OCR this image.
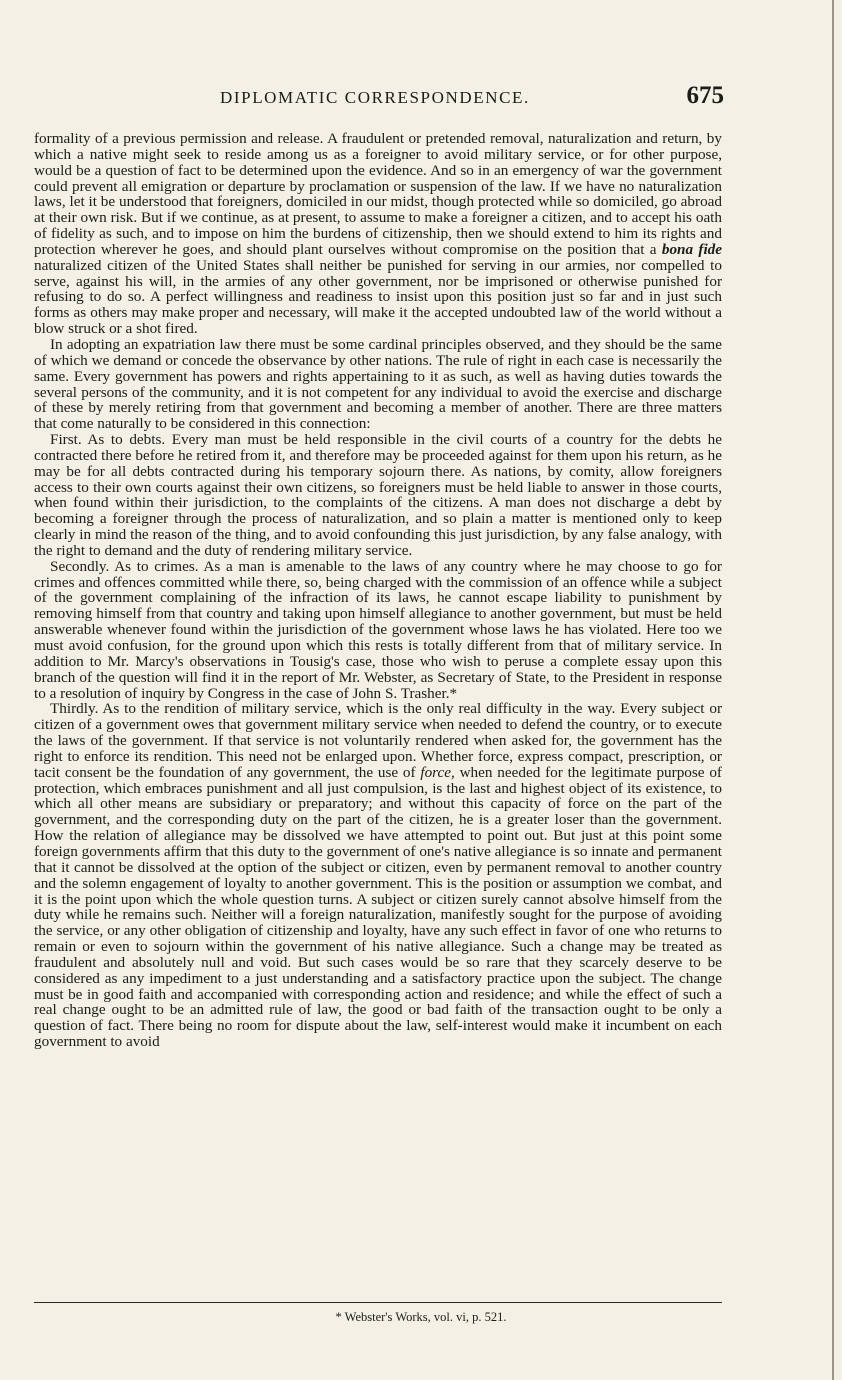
DIPLOMATIC CORRESPONDENCE.	675

formality of a previous permission and release. A fraudulent or pretended removal, naturalization and return, by which a native might seek to reside among us as a foreigner to avoid military service, or for other purpose, would be a question of fact to be determined upon the evidence. And so in an emergency of war the government could prevent all emigration or departure by proclamation or suspension of the law. If we have no naturalization laws, let it be understood that foreigners, domiciled in our midst, though protected while so domiciled, go abroad at their own risk. But if we continue, as at present, to assume to make a foreigner a citizen, and to accept his oath of fidelity as such, and to impose on him the burdens of citizenship, then we should extend to him its rights and protection wherever he goes, and should plant ourselves without compromise on the position that a bona fide naturalized citizen of the United States shall neither be punished for serving in our armies, nor compelled to serve, against his will, in the armies of any other government, nor be imprisoned or otherwise punished for refusing to do so. A perfect willingness and readiness to insist upon this position just so far and in just such forms as others may make proper and necessary, will make it the accepted undoubted law of the world without a blow struck or a shot fired.

In adopting an expatriation law there must be some cardinal principles observed, and they should be the same of which we demand or concede the observance by other nations. The rule of right in each case is necessarily the same. Every government has powers and rights appertaining to it as such, as well as having duties towards the several persons of the community, and it is not competent for any individual to avoid the exercise and discharge of these by merely retiring from that government and becoming a member of another. There are three matters that come naturally to be considered in this connection:

First. As to debts. Every man must be held responsible in the civil courts of a country for the debts he contracted there before he retired from it, and therefore may be proceeded against for them upon his return, as he may be for all debts contracted during his temporary sojourn there. As nations, by comity, allow foreigners access to their own courts against their own citizens, so foreigners must be held liable to answer in those courts, when found within their jurisdiction, to the complaints of the citizens. A man does not discharge a debt by becoming a foreigner through the process of naturalization, and so plain a matter is mentioned only to keep clearly in mind the reason of the thing, and to avoid confounding this just jurisdiction, by any false analogy, with the right to demand and the duty of rendering military service.

Secondly. As to crimes. As a man is amenable to the laws of any country where he may choose to go for crimes and offences committed while there, so, being charged with the commission of an offence while a subject of the government complaining of the infraction of its laws, he cannot escape liability to punishment by removing himself from that country and taking upon himself allegiance to another government, but must be held answerable whenever found within the jurisdiction of the government whose laws he has violated. Here too we must avoid confusion, for the ground upon which this rests is totally different from that of military service. In addition to Mr. Marcy's observations in Tousig's case, those who wish to peruse a complete essay upon this branch of the question will find it in the report of Mr. Webster, as Secretary of State, to the President in response to a resolution of inquiry by Congress in the case of John S. Trasher.*

Thirdly. As to the rendition of military service, which is the only real difficulty in the way. Every subject or citizen of a government owes that government military service when needed to defend the country, or to execute the laws of the government. If that service is not voluntarily rendered when asked for, the government has the right to enforce its rendition. This need not be enlarged upon. Whether force, express compact, prescription, or tacit consent be the foundation of any government, the use of force, when needed for the legitimate purpose of protection, which embraces punishment and all just compulsion, is the last and highest object of its existence, to which all other means are subsidiary or preparatory; and without this capacity of force on the part of the government, and the corresponding duty on the part of the citizen, he is a greater loser than the government. How the relation of allegiance may be dissolved we have attempted to point out. But just at this point some foreign governments affirm that this duty to the government of one's native allegiance is so innate and permanent that it cannot be dissolved at the option of the subject or citizen, even by permanent removal to another country and the solemn engagement of loyalty to another government. This is the position or assumption we combat, and it is the point upon which the whole question turns. A subject or citizen surely cannot absolve himself from the duty while he remains such. Neither will a foreign naturalization, manifestly sought for the purpose of avoiding the service, or any other obligation of citizenship and loyalty, have any such effect in favor of one who returns to remain or even to sojourn within the government of his native allegiance. Such a change may be treated as fraudulent and absolutely null and void. But such cases would be so rare that they scarcely deserve to be considered as any impediment to a just understanding and a satisfactory practice upon the subject. The change must be in good faith and accompanied with corresponding action and residence; and while the effect of such a real change ought to be an admitted rule of law, the good or bad faith of the transaction ought to be only a question of fact. There being no room for dispute about the law, self-interest would make it incumbent on each government to avoid

* Webster's Works, vol. vi, p. 521.
